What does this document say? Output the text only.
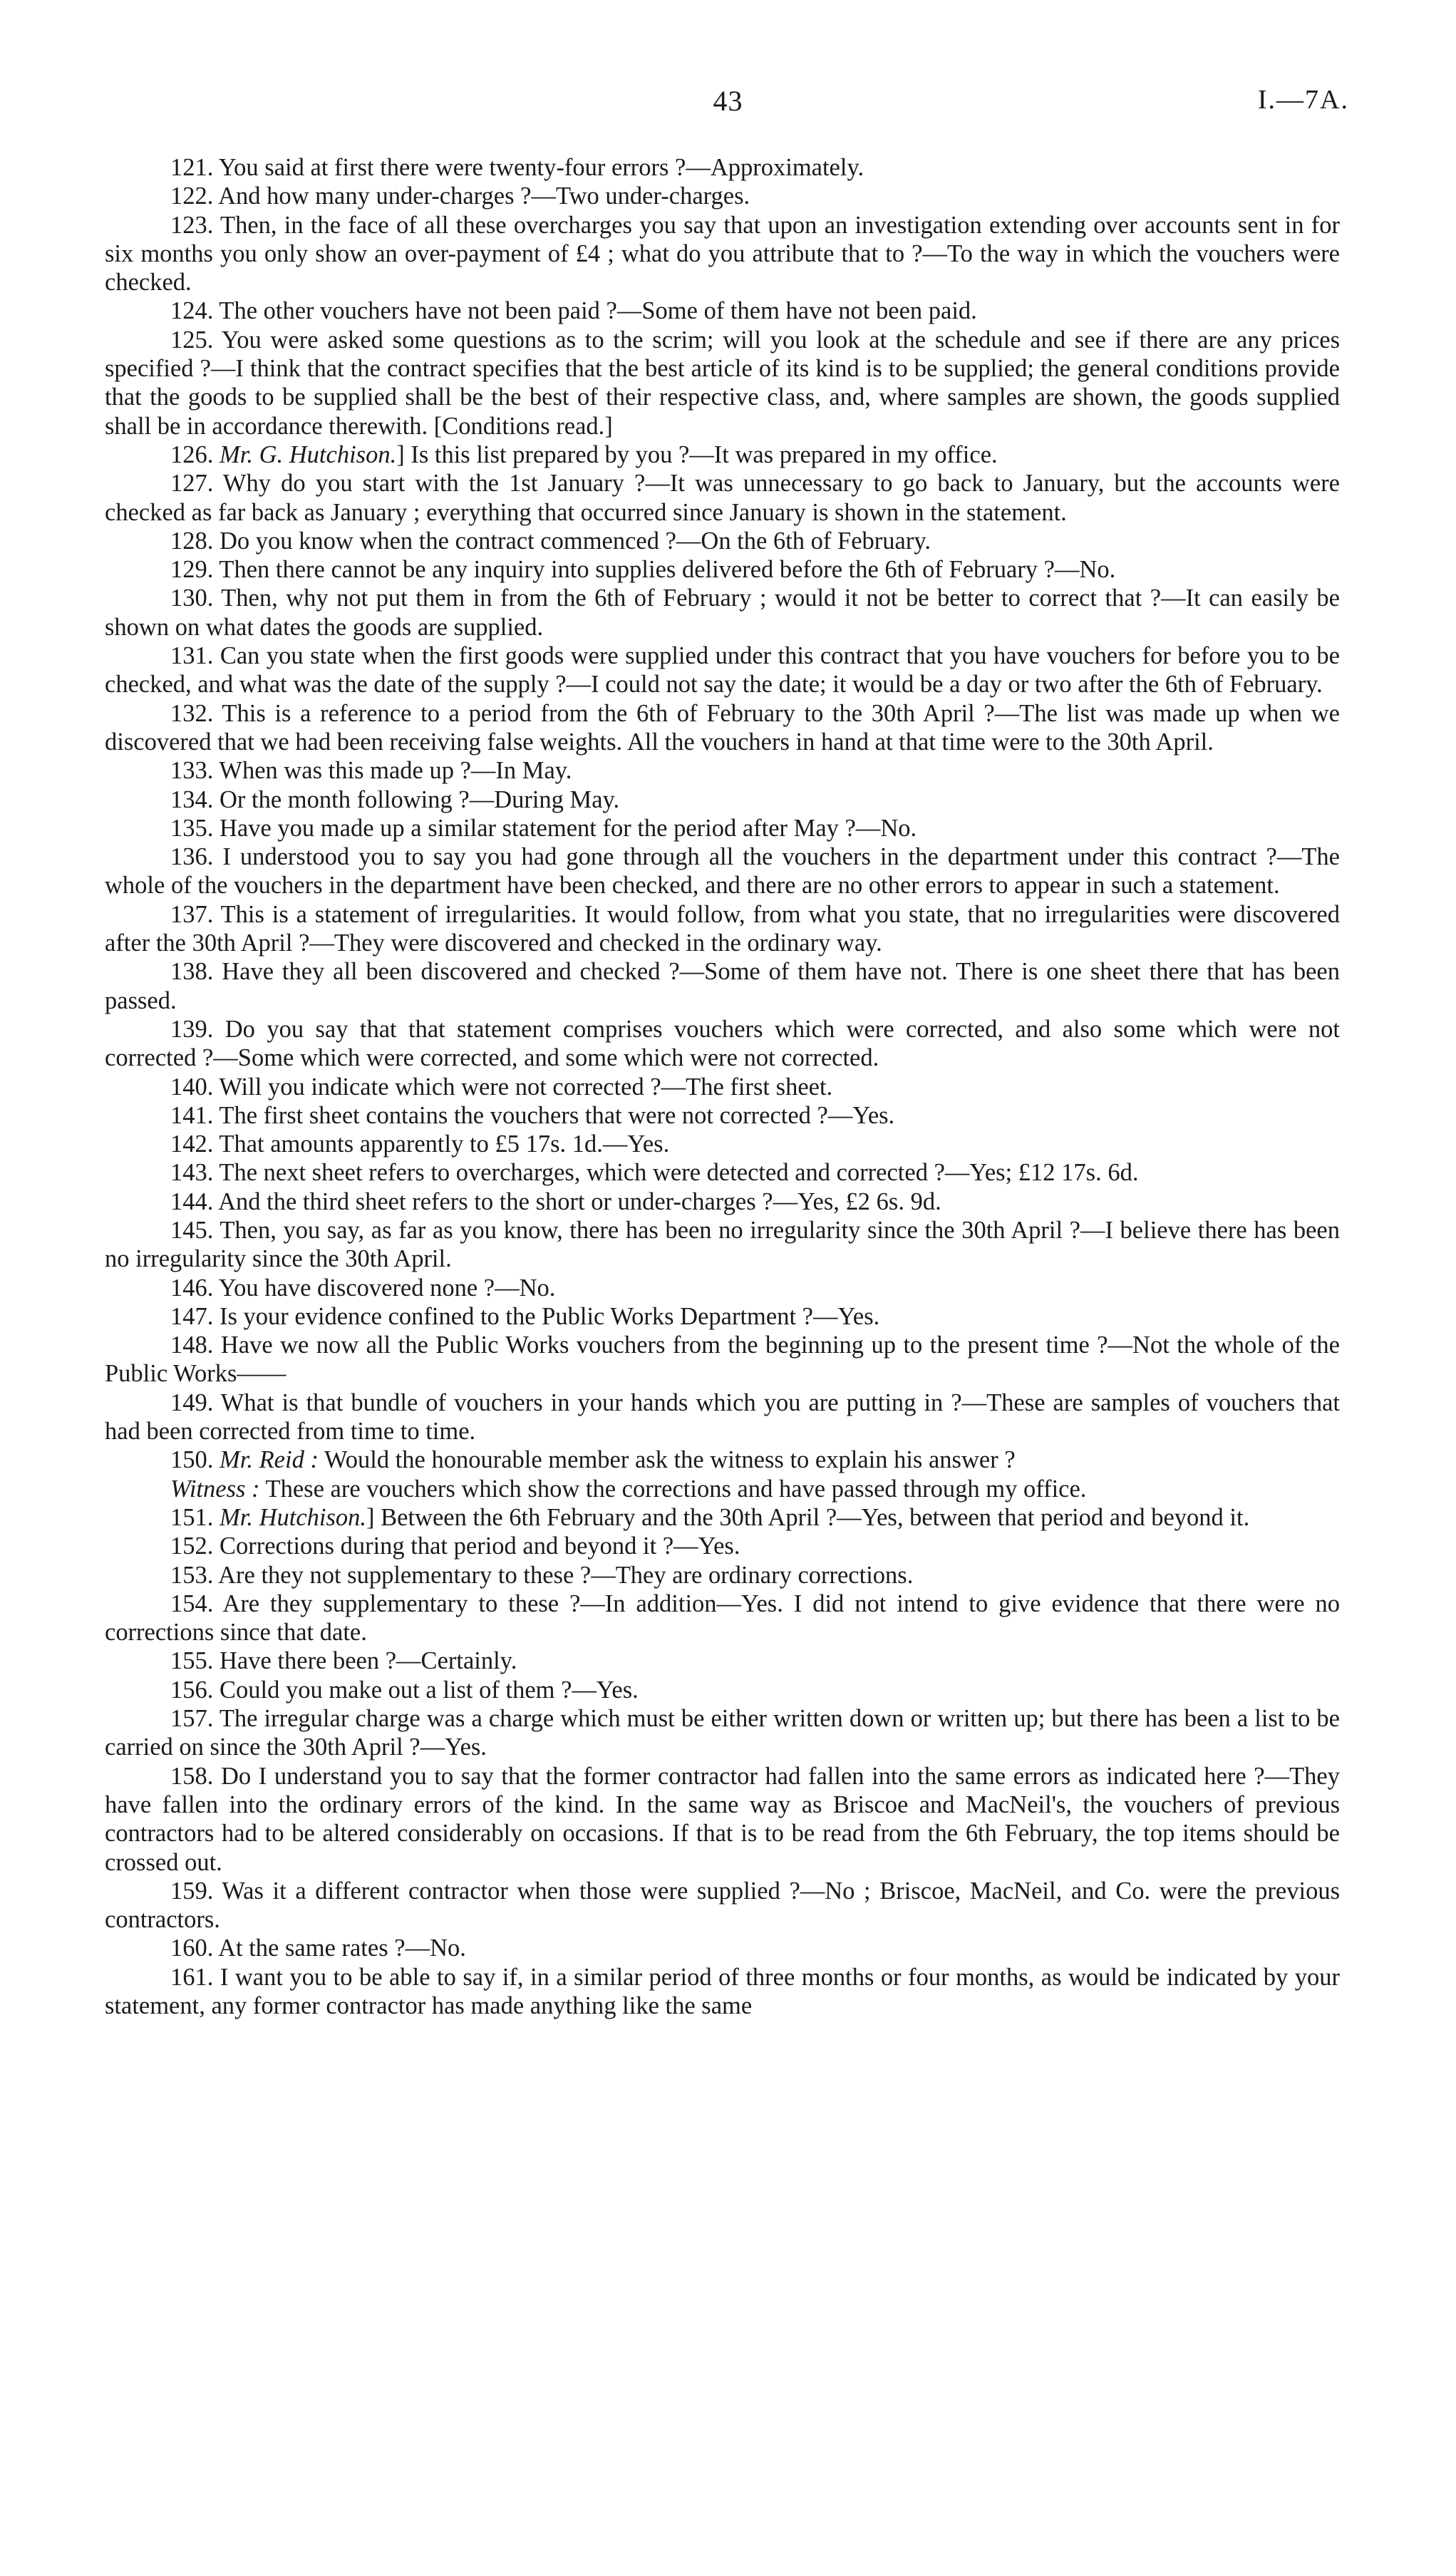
43	I.—7A.

121. You said at first there were twenty-four errors ?—Approximately.

122. And how many under-charges ?—Two under-charges.

123. Then, in the face of all these overcharges you say that upon an investigation extending over accounts sent in for six months you only show an over-payment of £4 ; what do you attribute that to ?—To the way in which the vouchers were checked.

124. The other vouchers have not been paid ?—Some of them have not been paid.

125. You were asked some questions as to the scrim; will you look at the schedule and see if there are any prices specified ?—I think that the contract specifies that the best article of its kind is to be supplied; the general conditions provide that the goods to be supplied shall be the best of their respective class, and, where samples are shown, the goods supplied shall be in accordance therewith. [Conditions read.]

126. Mr. G. Hutchison.] Is this list prepared by you ?—It was prepared in my office.

127. Why do you start with the 1st January ?—It was unnecessary to go back to January, but the accounts were checked as far back as January ; everything that occurred since January is shown in the statement.

128. Do you know when the contract commenced ?—On the 6th of February.

129. Then there cannot be any inquiry into supplies delivered before the 6th of February ?—No.

130. Then, why not put them in from the 6th of February ; would it not be better to correct that ?—It can easily be shown on what dates the goods are supplied.

131. Can you state when the first goods were supplied under this contract that you have vouchers for before you to be checked, and what was the date of the supply ?—I could not say the date; it would be a day or two after the 6th of February.

132. This is a reference to a period from the 6th of February to the 30th April ?—The list was made up when we discovered that we had been receiving false weights. All the vouchers in hand at that time were to the 30th April.

133. When was this made up ?—In May.

134. Or the month following ?—During May.

135. Have you made up a similar statement for the period after May ?—No.

136. I understood you to say you had gone through all the vouchers in the department under this contract ?—The whole of the vouchers in the department have been checked, and there are no other errors to appear in such a statement.

137. This is a statement of irregularities. It would follow, from what you state, that no irregularities were discovered after the 30th April ?—They were discovered and checked in the ordinary way.

138. Have they all been discovered and checked ?—Some of them have not. There is one sheet there that has been passed.

139. Do you say that that statement comprises vouchers which were corrected, and also some which were not corrected ?—Some which were corrected, and some which were not corrected.

140. Will you indicate which were not corrected ?—The first sheet.

141. The first sheet contains the vouchers that were not corrected ?—Yes.

142. That amounts apparently to £5 17s. 1d.—Yes.

143. The next sheet refers to overcharges, which were detected and corrected ?—Yes; £12 17s. 6d.

144. And the third sheet refers to the short or under-charges ?—Yes, £2 6s. 9d.

145. Then, you say, as far as you know, there has been no irregularity since the 30th April ?—I believe there has been no irregularity since the 30th April.

146. You have discovered none ?—No.

147. Is your evidence confined to the Public Works Department ?—Yes.

148. Have we now all the Public Works vouchers from the beginning up to the present time ?—Not the whole of the Public Works——

149. What is that bundle of vouchers in your hands which you are putting in ?—These are samples of vouchers that had been corrected from time to time.

150. Mr. Reid : Would the honourable member ask the witness to explain his answer ?

Witness : These are vouchers which show the corrections and have passed through my office.

151. Mr. Hutchison.] Between the 6th February and the 30th April ?—Yes, between that period and beyond it.

152. Corrections during that period and beyond it ?—Yes.

153. Are they not supplementary to these ?—They are ordinary corrections.

154. Are they supplementary to these ?—In addition—Yes. I did not intend to give evidence that there were no corrections since that date.

155. Have there been ?—Certainly.

156. Could you make out a list of them ?—Yes.

157. The irregular charge was a charge which must be either written down or written up; but there has been a list to be carried on since the 30th April ?—Yes.

158. Do I understand you to say that the former contractor had fallen into the same errors as indicated here ?—They have fallen into the ordinary errors of the kind. In the same way as Briscoe and MacNeil's, the vouchers of previous contractors had to be altered considerably on occasions. If that is to be read from the 6th February, the top items should be crossed out.

159. Was it a different contractor when those were supplied ?—No ; Briscoe, MacNeil, and Co. were the previous contractors.

160. At the same rates ?—No.

161. I want you to be able to say if, in a similar period of three months or four months, as would be indicated by your statement, any former contractor has made anything like the same
